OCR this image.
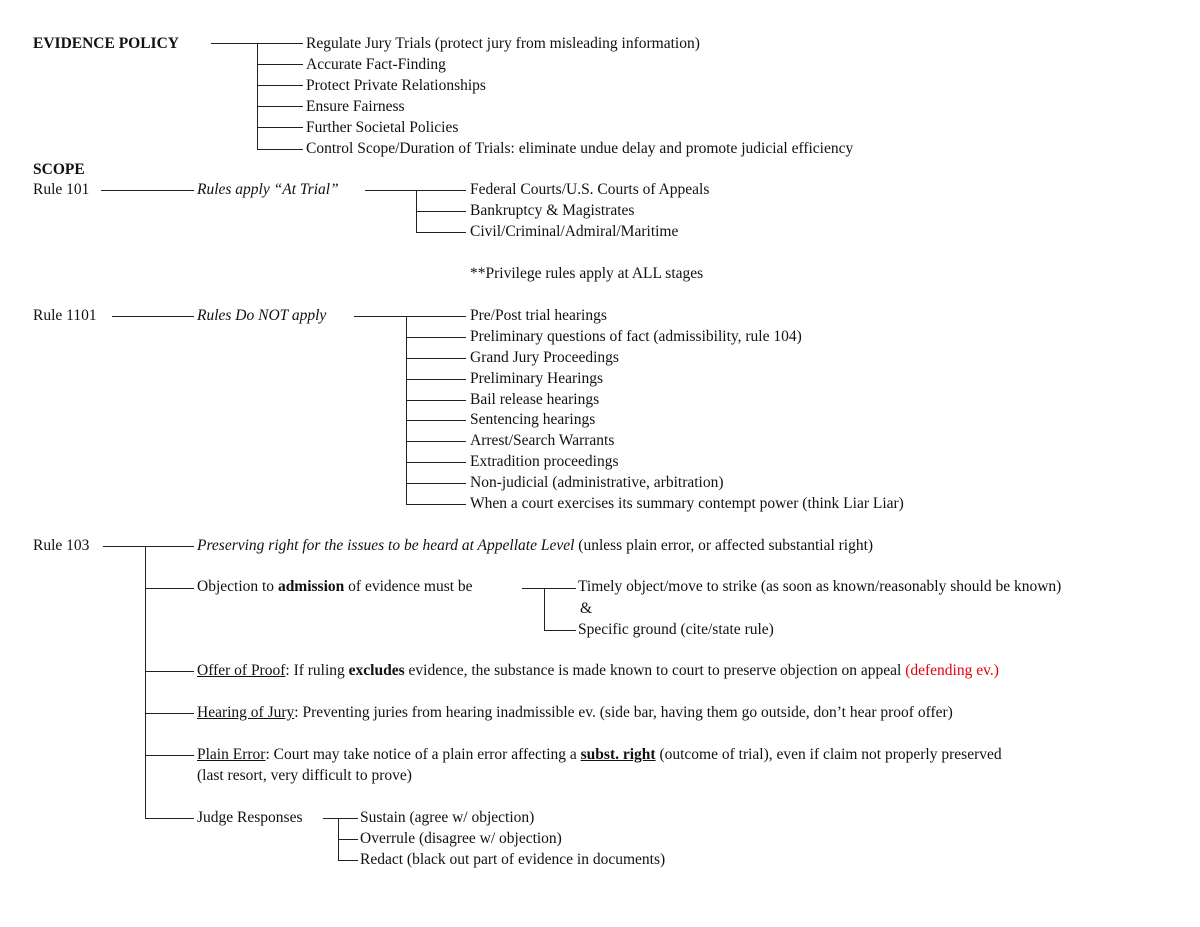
EVIDENCE POLICY	Regulate Jury Trials (protect jury from misleading information)
Accurate Fact-Finding
Protect Private Relationships
Ensure Fairness
Further Societal Policies
Control Scope/Duration of Trials: eliminate undue delay and promote judicial efficiency
SCOPE
Rule 101	Rules apply “At Trial”	Federal Courts/U.S. Courts of Appeals
Bankruptcy & Magistrates
Civil/Criminal/Admiral/Maritime
**Privilege rules apply at ALL stages
Rule 1101	Rules Do NOT apply	Pre/Post trial hearings
Preliminary questions of fact (admissibility, rule 104)
Grand Jury Proceedings
Preliminary Hearings
Bail release hearings
Sentencing hearings
Arrest/Search Warrants
Extradition proceedings
Non-judicial (administrative, arbitration)
When a court exercises its summary contempt power (think Liar Liar)
Rule 103	Preserving right for the issues to be heard at Appellate Level (unless plain error, or affected substantial right)
Objection to admission of evidence must be	Timely object/move to strike (as soon as known/reasonably should be known)
&
Specific ground (cite/state rule)
Offer of Proof: If ruling excludes evidence, the substance is made known to court to preserve objection on appeal (defending ev.)
Hearing of Jury: Preventing juries from hearing inadmissible ev. (side bar, having them go outside, don’t hear proof offer)
Plain Error: Court may take notice of a plain error affecting a subst. right (outcome of trial), even if claim not properly preserved
(last resort, very difficult to prove)
Judge Responses	Sustain (agree w/ objection)
Overrule (disagree w/ objection)
Redact (black out part of evidence in documents)
